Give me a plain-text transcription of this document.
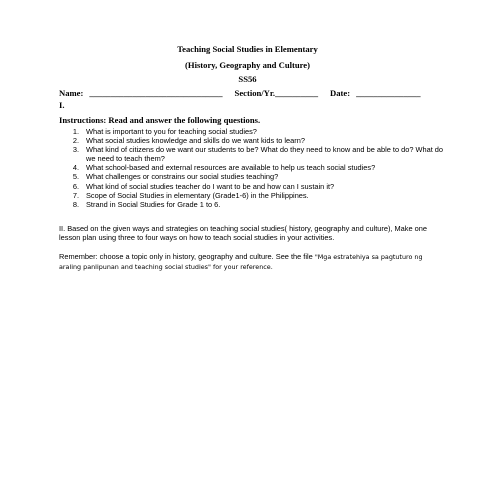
Teaching Social Studies in Elementary
(History, Geography and Culture)
SS56
Name: _______________________________ Section/Yr.__________ Date: _______________
I.
Instructions: Read and answer the following questions.
1. What is important to you for teaching social studies?
2. What social studies knowledge and skills do we want kids to learn?
3. What kind of citizens do we want our students to be? What do they need to know and be able to do? What do we need to teach them?
4. What school-based and external resources are available to help us teach social studies?
5. What challenges or constrains our social studies teaching?
6. What kind of social studies teacher do I want to be and how can I sustain it?
7. Scope of Social Studies in elementary (Grade1-6) in the Philippines.
8. Strand in Social Studies for Grade 1 to 6.

II. Based on the given ways and strategies on teaching social studies( history, geography and culture), Make one lesson plan using three to four ways on how to teach social studies in your activities.

Remember: choose a topic only in history, geography and culture. See the file "Mga estratehiya sa pagtuturo ng araling panlipunan and teaching social studies" for your reference.
